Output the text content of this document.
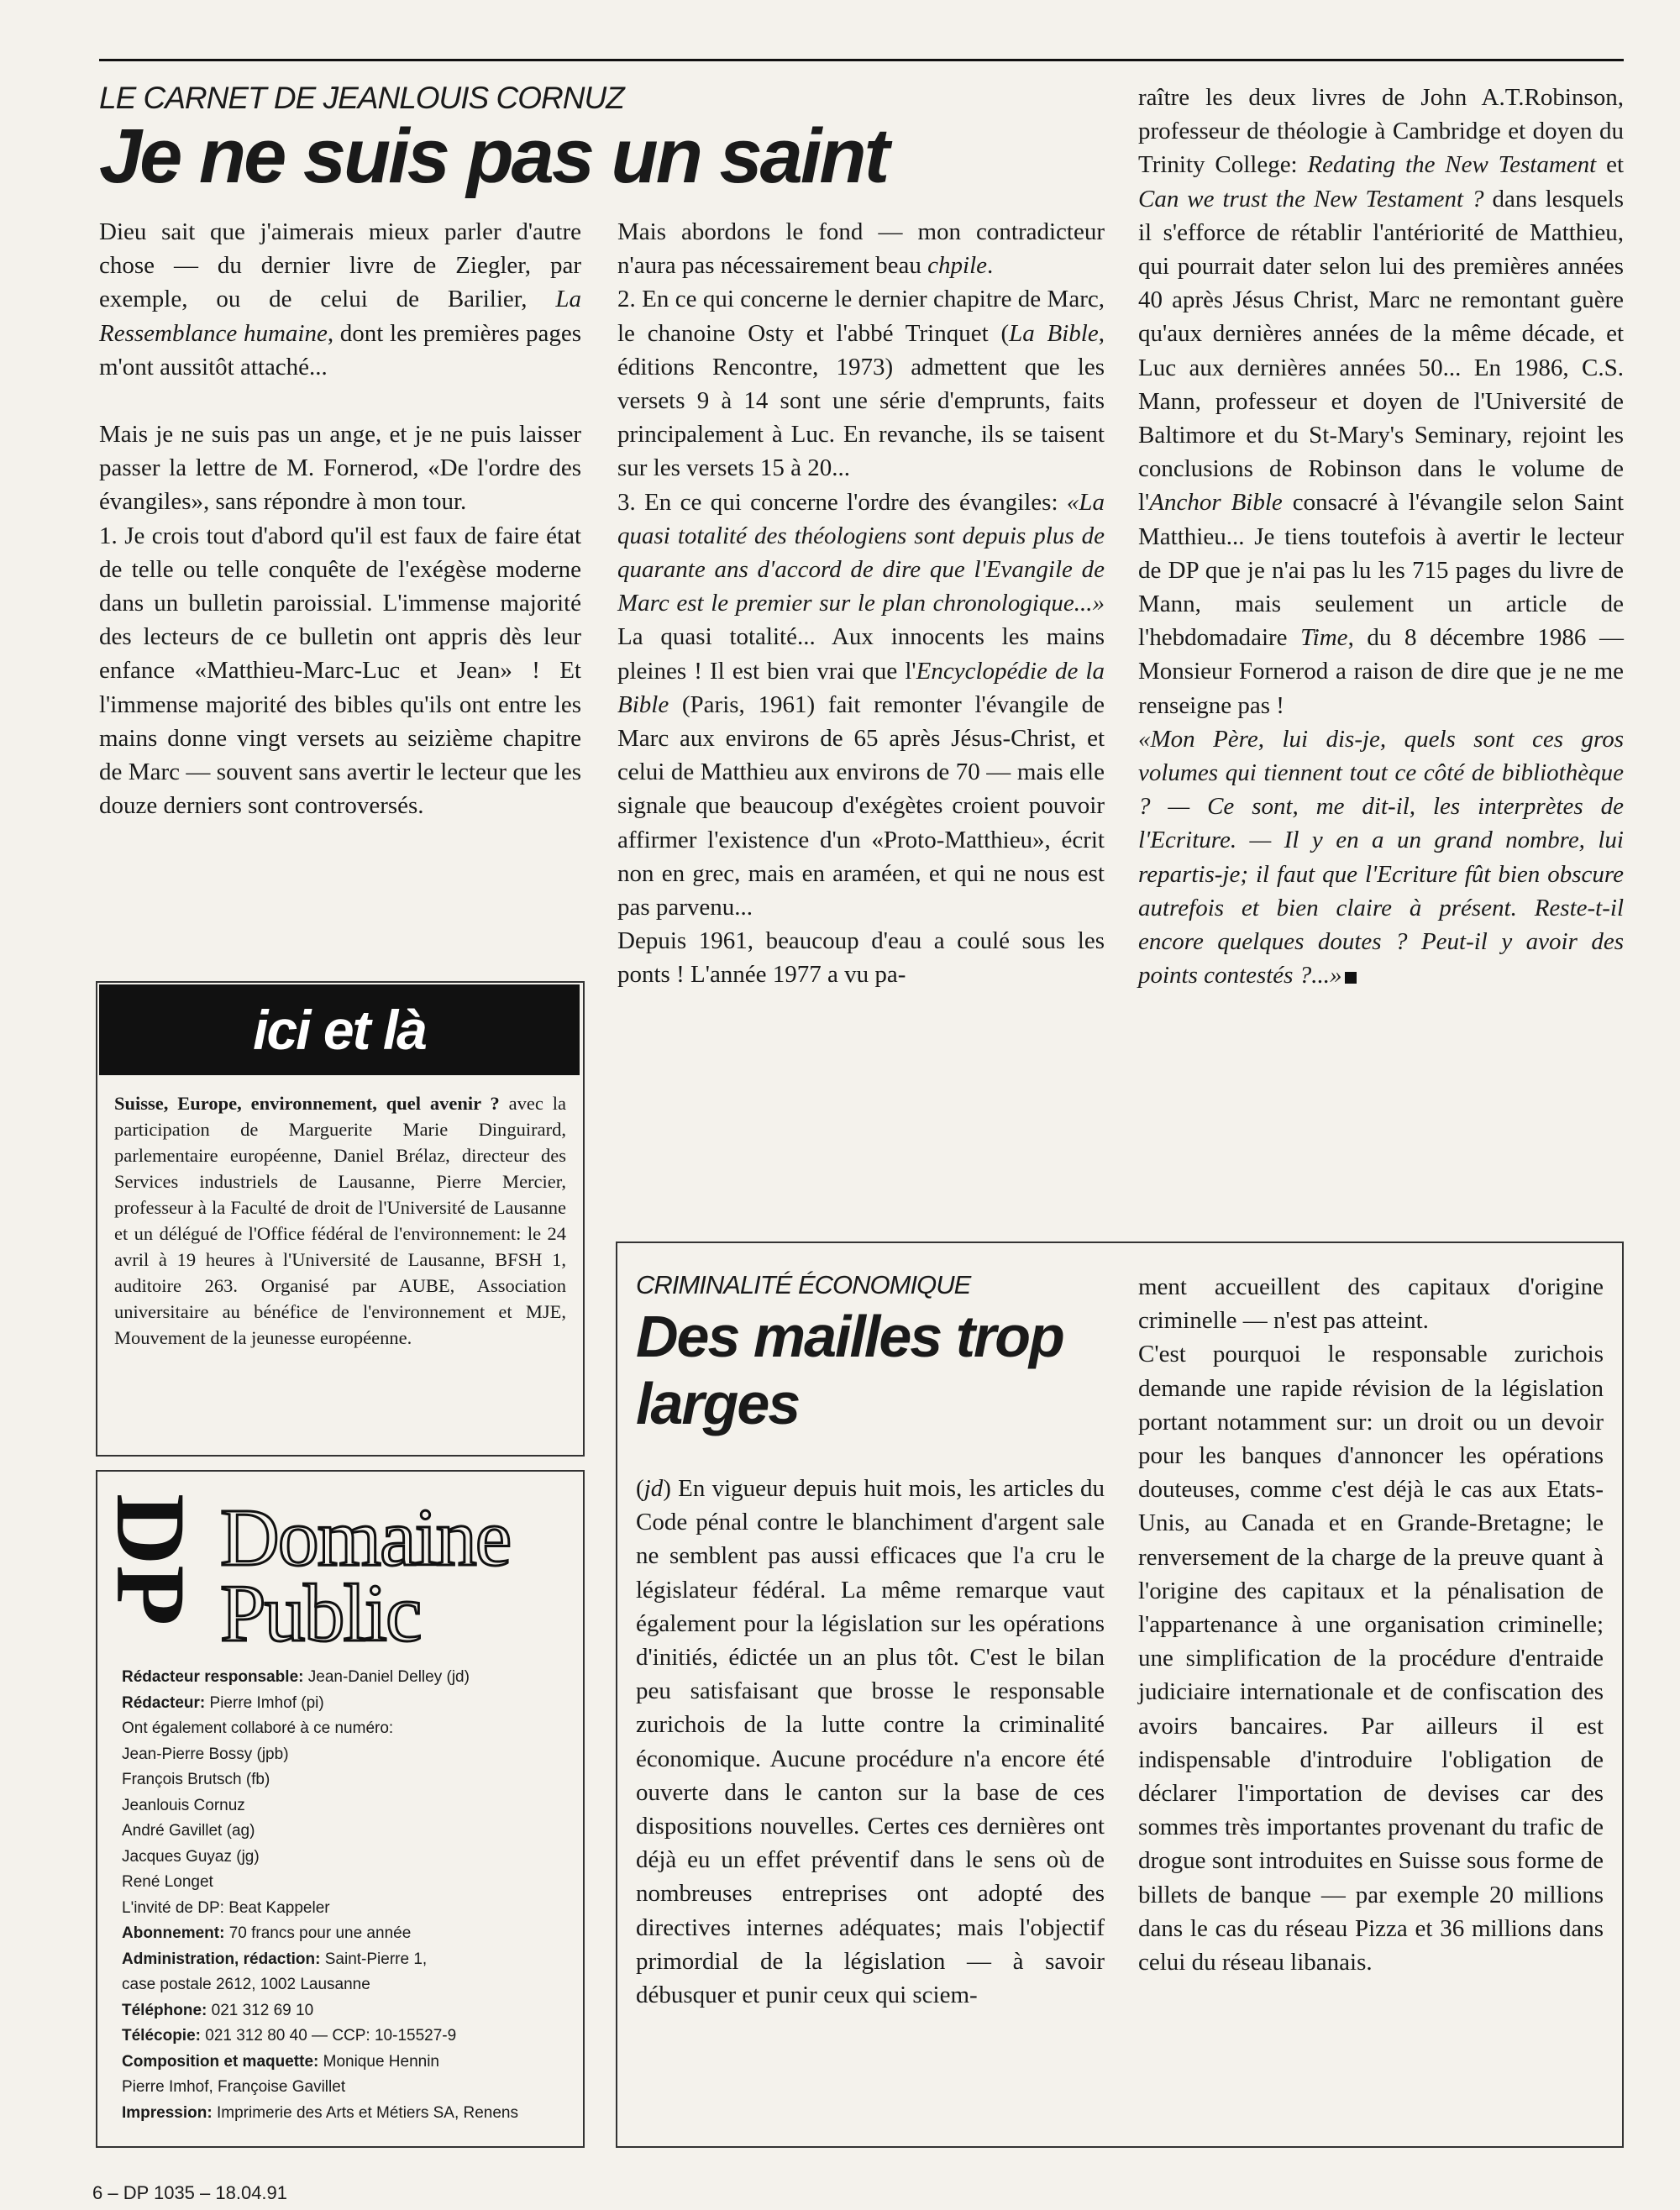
LE CARNET DE JEANLOUIS CORNUZ
Je ne suis pas un saint

Dieu sait que j'aimerais mieux parler d'autre chose — du dernier livre de Ziegler, par exemple, ou de celui de Barilier, La Ressemblance humaine, dont les premières pages m'ont aussitôt attaché...

Mais je ne suis pas un ange, et je ne puis laisser passer la lettre de M. Fornerod, «De l'ordre des évangiles», sans répondre à mon tour.

1. Je crois tout d'abord qu'il est faux de faire état de telle ou telle conquête de l'exégèse moderne dans un bulletin paroissial. L'immense majorité des lecteurs de ce bulletin ont appris dès leur enfance «Matthieu-Marc-Luc et Jean» ! Et l'immense majorité des bibles qu'ils ont entre les mains donne vingt versets au seizième chapitre de Marc — souvent sans avertir le lecteur que les douze derniers sont controversés.

Mais abordons le fond — mon contradicteur n'aura pas nécessairement beau chpile.

2. En ce qui concerne le dernier chapitre de Marc, le chanoine Osty et l'abbé Trinquet (La Bible, éditions Rencontre, 1973) admettent que les versets 9 à 14 sont une série d'emprunts, faits principalement à Luc. En revanche, ils se taisent sur les versets 15 à 20...

3. En ce qui concerne l'ordre des évangiles: «La quasi totalité des théologiens sont depuis plus de quarante ans d'accord de dire que l'Evangile de Marc est le premier sur le plan chronologique...» La quasi totalité... Aux innocents les mains pleines ! Il est bien vrai que l'Encyclopédie de la Bible (Paris, 1961) fait remonter l'évangile de Marc aux environs de 65 après Jésus-Christ, et celui de Matthieu aux environs de 70 — mais elle signale que beaucoup d'exégètes croient pouvoir affirmer l'existence d'un «Proto-Matthieu», écrit non en grec, mais en araméen, et qui ne nous est pas parvenu...

Depuis 1961, beaucoup d'eau a coulé sous les ponts ! L'année 1977 a vu pa-

raître les deux livres de John A.T.Robinson, professeur de théologie à Cambridge et doyen du Trinity College: Redating the New Testament et Can we trust the New Testament ? dans lesquels il s'efforce de rétablir l'antériorité de Matthieu, qui pourrait dater selon lui des premières années 40 après Jésus Christ, Marc ne remontant guère qu'aux dernières années de la même décade, et Luc aux dernières années 50... En 1986, C.S. Mann, professeur et doyen de l'Université de Baltimore et du St-Mary's Seminary, rejoint les conclusions de Robinson dans le volume de l'Anchor Bible consacré à l'évangile selon Saint Matthieu... Je tiens toutefois à avertir le lecteur de DP que je n'ai pas lu les 715 pages du livre de Mann, mais seulement un article de l'hebdomadaire Time, du 8 décembre 1986 — Monsieur Fornerod a raison de dire que je ne me renseigne pas !

«Mon Père, lui dis-je, quels sont ces gros volumes qui tiennent tout ce côté de bibliothèque ? — Ce sont, me dit-il, les interprètes de l'Ecriture. — Il y en a un grand nombre, lui repartis-je; il faut que l'Ecriture fût bien obscure autrefois et bien claire à présent. Reste-t-il encore quelques doutes ? Peut-il y avoir des points contestés ?...»

ici et là
Suisse, Europe, environnement, quel avenir ? avec la participation de Marguerite Marie Dinguirard, parlementaire européenne, Daniel Brélaz, directeur des Services industriels de Lausanne, Pierre Mercier, professeur à la Faculté de droit de l'Université de Lausanne et un délégué de l'Office fédéral de l'environnement: le 24 avril à 19 heures à l'Université de Lausanne, BFSH 1, auditoire 263. Organisé par AUBE, Association universitaire au bénéfice de l'environnement et MJE, Mouvement de la jeunesse européenne.
DP Domaine
Public
Rédacteur responsable: Jean-Daniel Delley (jd)
Rédacteur: Pierre Imhof (pi)
Ont également collaboré à ce numéro:
Jean-Pierre Bossy (jpb)
François Brutsch (fb)
Jeanlouis Cornuz
André Gavillet (ag)
Jacques Guyaz (jg)
René Longet
L'invité de DP: Beat Kappeler
Abonnement: 70 francs pour une année
Administration, rédaction: Saint-Pierre 1,
case postale 2612, 1002 Lausanne
Téléphone: 021 312 69 10
Télécopie: 021 312 80 40 — CCP: 10-15527-9
Composition et maquette: Monique Hennin
Pierre Imhof, Françoise Gavillet
Impression: Imprimerie des Arts et Métiers SA, Renens
CRIMINALITÉ ÉCONOMIQUE
Des mailles trop
larges

(jd) En vigueur depuis huit mois, les articles du Code pénal contre le blanchiment d'argent sale ne semblent pas aussi efficaces que l'a cru le législateur fédéral. La même remarque vaut également pour la législation sur les opérations d'initiés, édictée un an plus tôt. C'est le bilan peu satisfaisant que brosse le responsable zurichois de la lutte contre la criminalité économique. Aucune procédure n'a encore été ouverte dans le canton sur la base de ces dispositions nouvelles. Certes ces dernières ont déjà eu un effet préventif dans le sens où de nombreuses entreprises ont adopté des directives internes adéquates; mais l'objectif primordial de la législation — à savoir débusquer et punir ceux qui sciem-

ment accueillent des capitaux d'origine criminelle — n'est pas atteint.

C'est pourquoi le responsable zurichois demande une rapide révision de la législation portant notamment sur: un droit ou un devoir pour les banques d'annoncer les opérations douteuses, comme c'est déjà le cas aux Etats-Unis, au Canada et en Grande-Bretagne; le renversement de la charge de la preuve quant à l'origine des capitaux et la pénalisation de l'appartenance à une organisation criminelle; une simplification de la procédure d'entraide judiciaire internationale et de confiscation des avoirs bancaires. Par ailleurs il est indispensable d'introduire l'obligation de déclarer l'importation de devises car des sommes très importantes provenant du trafic de drogue sont introduites en Suisse sous forme de billets de banque — par exemple 20 millions dans le cas du réseau Pizza et 36 millions dans celui du réseau libanais.

6 – DP 1035 – 18.04.91
